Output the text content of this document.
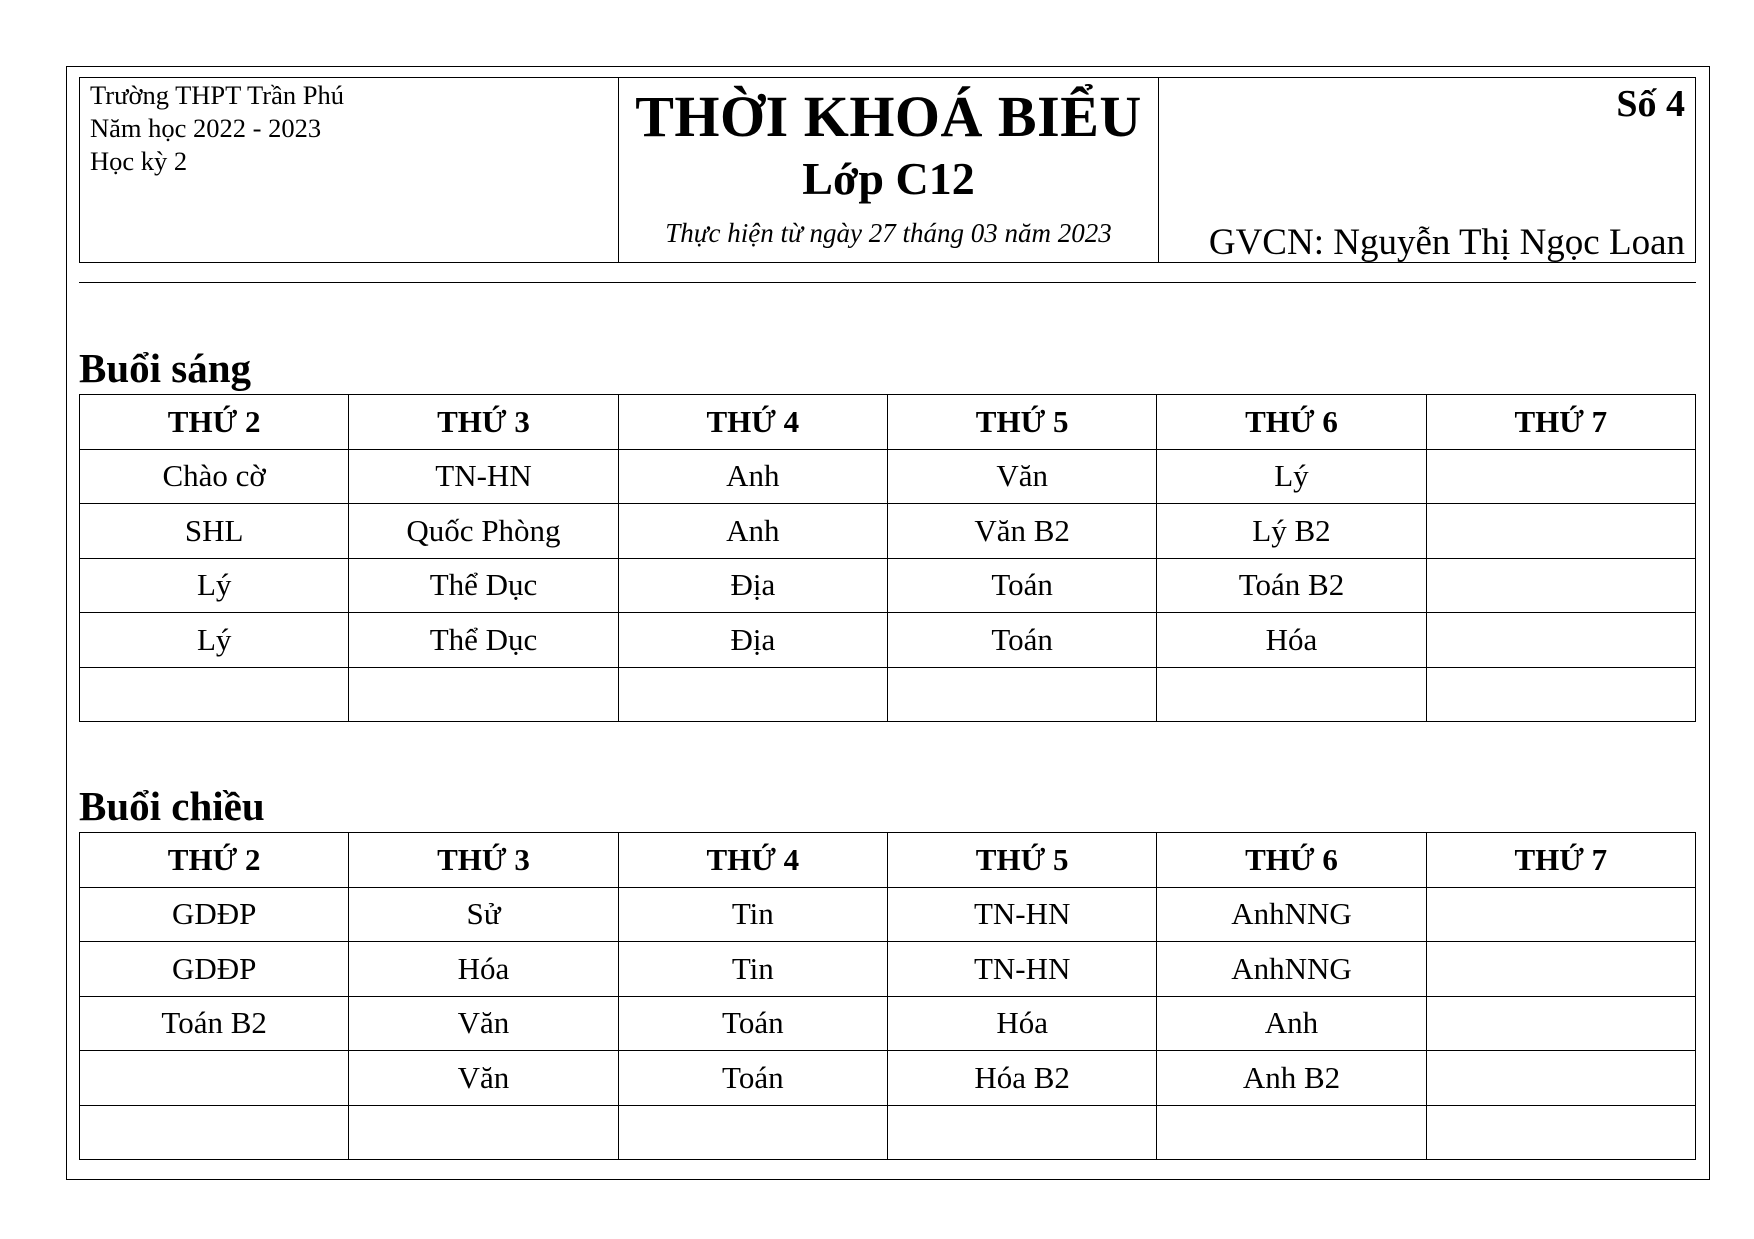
Trường THPT Trần Phú
Năm học 2022 - 2023
Học kỳ 2
THỜI KHOÁ BIỂU
Lớp C12
Thực hiện từ ngày 27 tháng 03 năm 2023
Số 4
GVCN: Nguyễn Thị Ngọc Loan
Buổi sáng
THỨ 2	THỨ 3	THỨ 4	THỨ 5	THỨ 6	THỨ 7
Chào cờ	TN-HN	Anh	Văn	Lý	
SHL	Quốc Phòng	Anh	Văn B2	Lý B2	
Lý	Thể Dục	Địa	Toán	Toán B2	
Lý	Thể Dục	Địa	Toán	Hóa	

Buổi chiều
THỨ 2	THỨ 3	THỨ 4	THỨ 5	THỨ 6	THỨ 7
GDĐP	Sử	Tin	TN-HN	AnhNNG	
GDĐP	Hóa	Tin	TN-HN	AnhNNG	
Toán B2	Văn	Toán	Hóa	Anh	
	Văn	Toán	Hóa B2	Anh B2	
